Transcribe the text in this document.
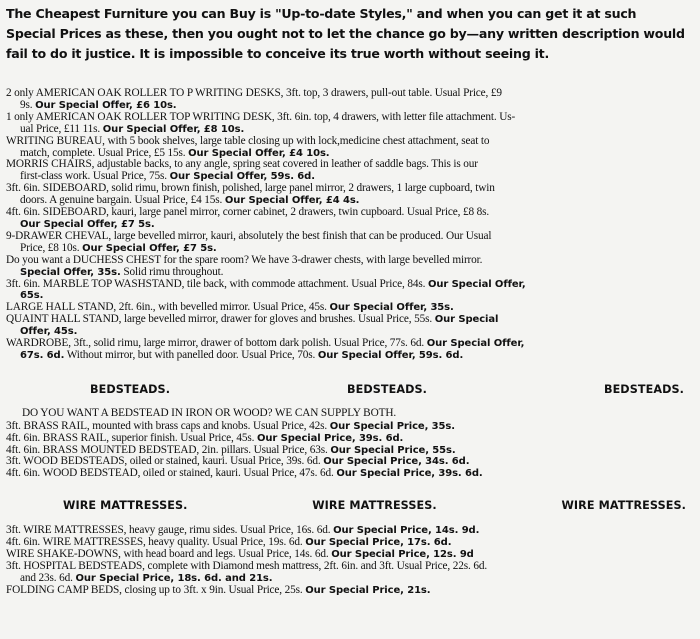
The Cheapest Furniture you can Buy is "Up-to-date Styles," and when you can get it at such
Special Prices as these, then you ought not to let the chance go by—any written description would
fail to do it justice. It is impossible to conceive its true worth without seeing it.
2 only AMERICAN OAK ROLLER TO P WRITING DESKS, 3ft. top, 3 drawers, pull-out table. Usual Price, £9
9s. Our Special Offer, £6 10s.
1 only AMERICAN OAK ROLLER TOP WRITING DESK, 3ft. 6in. top, 4 drawers, with letter file attachment. Us-
ual Price, £11 11s. Our Special Offer, £8 10s.
WRITING BUREAU, with 5 book shelves, large table closing up with lock,medicine chest attachment, seat to
match, complete. Usual Price, £5 15s. Our Special Offer, £4 10s.
MORRIS CHAIRS, adjustable backs, to any angle, spring seat covered in leather of saddle bags. This is our
first-class work. Usual Price, 75s. Our Special Offer, 59s. 6d.
3ft. 6in. SIDEBOARD, solid rimu, brown finish, polished, large panel mirror, 2 drawers, 1 large cupboard, twin
doors. A genuine bargain. Usual Price, £4 15s. Our Special Offer, £4 4s.
4ft. 6in. SIDEBOARD, kauri, large panel mirror, corner cabinet, 2 drawers, twin cupboard. Usual Price, £8 8s.
Our Special Offer, £7 5s.
9-DRAWER CHEVAL, large bevelled mirror, kauri, absolutely the best finish that can be produced. Our Usual
Price, £8 10s. Our Special Offer, £7 5s.
Do you want a DUCHESS CHEST for the spare room? We have 3-drawer chests, with large bevelled mirror.
Special Offer, 35s. Solid rimu throughout.
3ft. 6in. MARBLE TOP WASHSTAND, tile back, with commode attachment. Usual Price, 84s. Our Special Offer,
65s.
LARGE HALL STAND, 2ft. 6in., with bevelled mirror. Usual Price, 45s. Our Special Offer, 35s.
QUAINT HALL STAND, large bevelled mirror, drawer for gloves and brushes. Usual Price, 55s. Our Special
Offer, 45s.
WARDROBE, 3ft., solid rimu, large mirror, drawer of bottom dark polish. Usual Price, 77s. 6d. Our Special Offer,
67s. 6d. Without mirror, but with panelled door. Usual Price, 70s. Our Special Offer, 59s. 6d.
BEDSTEADS.	BEDSTEADS.	BEDSTEADS.
DO YOU WANT A BEDSTEAD IN IRON OR WOOD? WE CAN SUPPLY BOTH.
3ft. BRASS RAIL, mounted with brass caps and knobs. Usual Price, 42s. Our Special Price, 35s.
4ft. 6in. BRASS RAIL, superior finish. Usual Price, 45s. Our Special Price, 39s. 6d.
4ft. 6in. BRASS MOUNTED BEDSTEAD, 2in. pillars. Usual Price, 63s. Our Special Price, 55s.
3ft. WOOD BEDSTEADS, oiled or stained, kauri. Usual Price, 39s. 6d. Our Special Price, 34s. 6d.
4ft. 6in. WOOD BEDSTEAD, oiled or stained, kauri. Usual Price, 47s. 6d. Our Special Price, 39s. 6d.
WIRE MATTRESSES.	WIRE MATTRESSES.	WIRE MATTRESSES.
3ft. WIRE MATTRESSES, heavy gauge, rimu sides. Usual Price, 16s. 6d. Our Special Price, 14s. 9d.
4ft. 6in. WIRE MATTRESSES, heavy quality. Usual Price, 19s. 6d. Our Special Price, 17s. 6d.
WIRE SHAKE-DOWNS, with head board and legs. Usual Price, 14s. 6d. Our Special Price, 12s. 9d
3ft. HOSPITAL BEDSTEADS, complete with Diamond mesh mattress, 2ft. 6in. and 3ft. Usual Price, 22s. 6d.
and 23s. 6d. Our Special Price, 18s. 6d. and 21s.
FOLDING CAMP BEDS, closing up to 3ft. x 9in. Usual Price, 25s. Our Special Price, 21s.
